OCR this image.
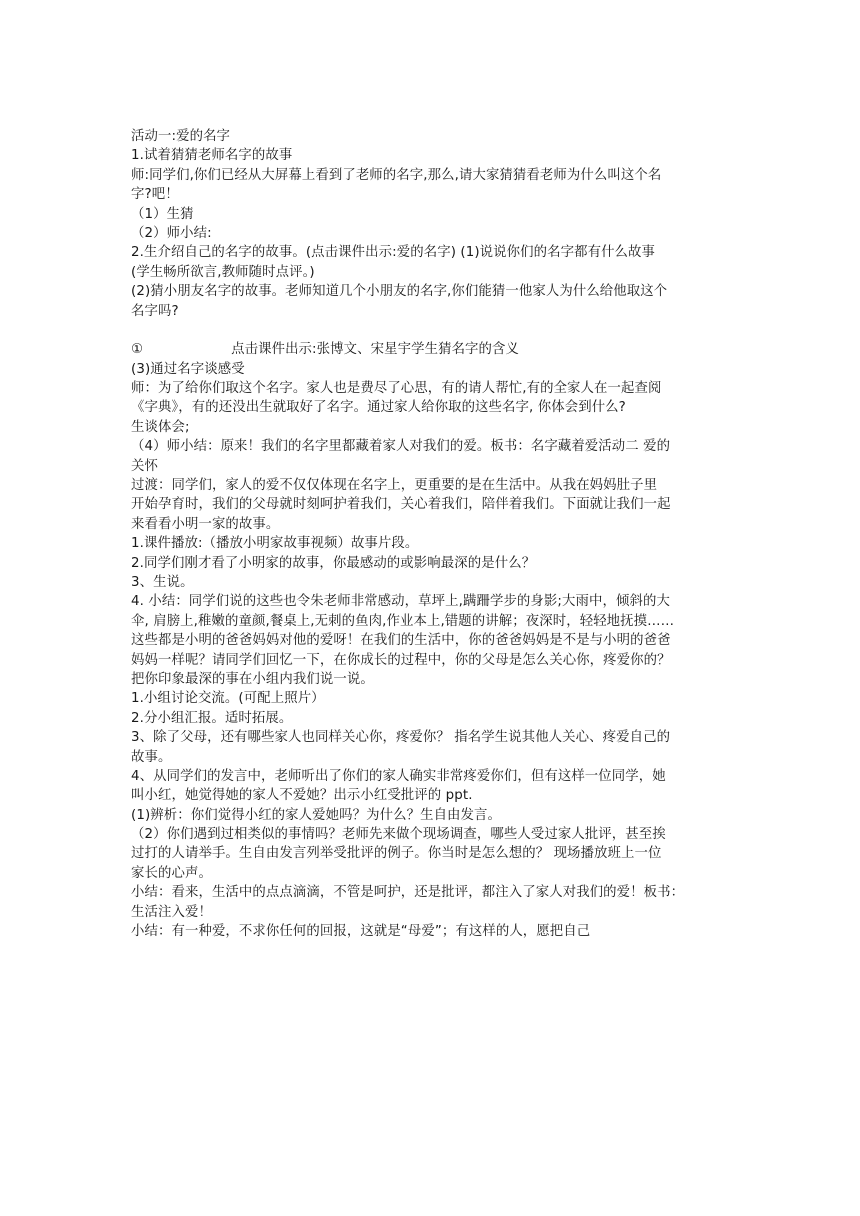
活动一:爱的名字
1.试着猜猜老师名字的故事
师:同学们,你们已经从大屏幕上看到了老师的名字,那么,请大家猜猜看老师为什么叫这个名
字?吧！
（1）生猜
（2）师小结:
2.生介绍自己的名字的故事。(点击课件出示:爱的名字) (1)说说你们的名字都有什么故事
(学生畅所欲言,教师随时点评。)
(2)猜小朋友名字的故事。老师知道几个小朋友的名字,你们能猜一他家人为什么给他取这个
名字吗?
①	点击课件出示:张博文、宋星宇学生猜名字的含义
(3)通过名字谈感受
师：为了给你们取这个名字。家人也是费尽了心思，有的请人帮忙,有的全家人在一起查阅
《字典》，有的还没出生就取好了名字。通过家人给你取的这些名字, 你体会到什么?
生谈体会;
（4）师小结：原来！我们的名字里都藏着家人对我们的爱。板书：名字藏着爱活动二 爱的
关怀
过渡：同学们，家人的爱不仅仅体现在名字上，更重要的是在生活中。从我在妈妈肚子里
开始孕育时，我们的父母就时刻呵护着我们，关心着我们，陪伴着我们。下面就让我们一起
来看看小明一家的故事。
1.课件播放:（播放小明家故事视频）故事片段。
2.同学们刚才看了小明家的故事，你最感动的或影响最深的是什么？
3、生说。
4. 小结：同学们说的这些也令朱老师非常感动，草坪上,蹒跚学步的身影;大雨中，倾斜的大
伞, 肩膀上,稚嫩的童颜,餐桌上,无刺的鱼肉,作业本上,错题的讲解；夜深时，轻轻地抚摸……
这些都是小明的爸爸妈妈对他的爱呀！在我们的生活中，你的爸爸妈妈是不是与小明的爸爸
妈妈一样呢？请同学们回忆一下，在你成长的过程中，你的父母是怎么关心你，疼爱你的？
把你印象最深的事在小组内我们说一说。
1.小组讨论交流。(可配上照片）
2.分小组汇报。适时拓展。
3、除了父母，还有哪些家人也同样关心你，疼爱你？ 指名学生说其他人关心、疼爱自己的
故事。
4、从同学们的发言中，老师听出了你们的家人确实非常疼爱你们，但有这样一位同学，她
叫小红，她觉得她的家人不爱她？出示小红受批评的 ppt.
(1)辨析：你们觉得小红的家人爱她吗？为什么？生自由发言。
（2）你们遇到过相类似的事情吗？老师先来做个现场调查，哪些人受过家人批评，甚至挨
过打的人请举手。生自由发言列举受批评的例子。你当时是怎么想的？ 现场播放班上一位
家长的心声。
小结：看来，生活中的点点滴滴，不管是呵护，还是批评，都注入了家人对我们的爱！板书：
生活注入爱！
小结：有一种爱，不求你任何的回报，这就是“母爱”；有这样的人，愿把自己
